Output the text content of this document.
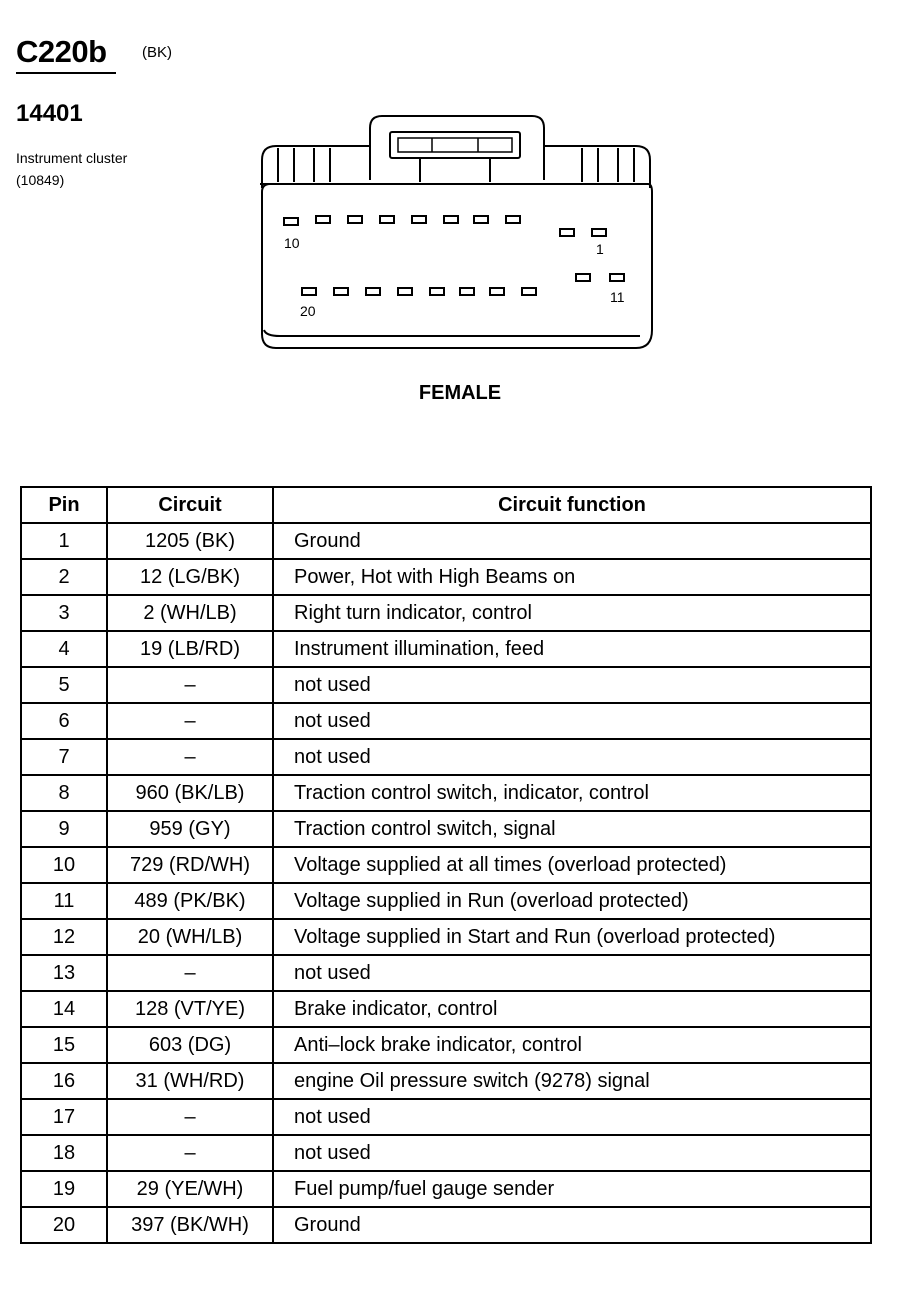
C220b (BK)
14401
Instrument cluster
(10849)
10	1
11
20
FEMALE
Pin	Circuit	Circuit function
1	1205 (BK)	Ground
2	12 (LG/BK)	Power, Hot with High Beams on
3	2 (WH/LB)	Right turn indicator, control
4	19 (LB/RD)	Instrument illumination, feed
5	–	not used
6	–	not used
7	–	not used
8	960 (BK/LB)	Traction control switch, indicator, control
9	959 (GY)	Traction control switch, signal
10	729 (RD/WH)	Voltage supplied at all times (overload protected)
11	489 (PK/BK)	Voltage supplied in Run (overload protected)
12	20 (WH/LB)	Voltage supplied in Start and Run (overload protected)
13	–	not used
14	128 (VT/YE)	Brake indicator, control
15	603 (DG)	Anti–lock brake indicator, control
16	31 (WH/RD)	engine Oil pressure switch (9278) signal
17	–	not used
18	–	not used
19	29 (YE/WH)	Fuel pump/fuel gauge sender
20	397 (BK/WH)	Ground
